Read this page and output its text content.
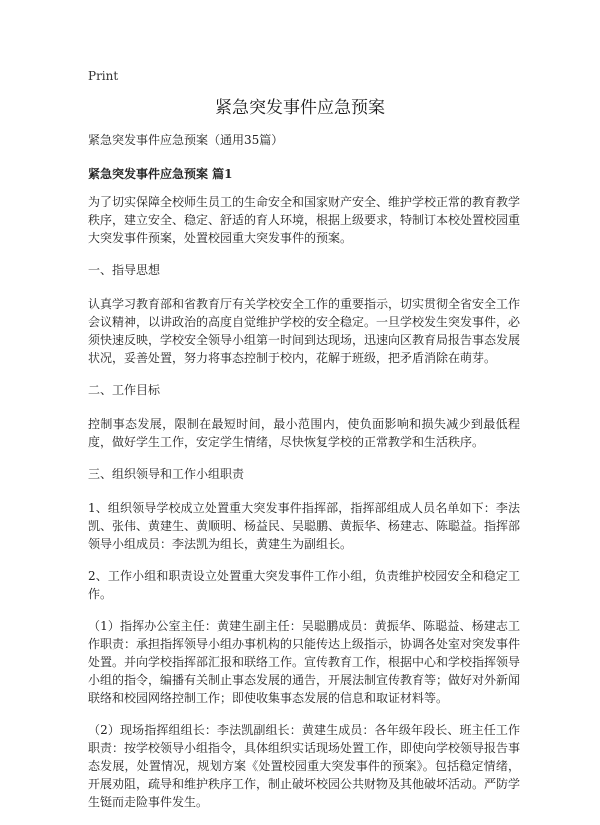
Print
紧急突发事件应急预案

紧急突发事件应急预案（通用35篇）

紧急突发事件应急预案 篇1

为了切实保障全校师生员工的生命安全和国家财产安全、维护学校正常的教育教学秩序，建立安全、稳定、舒适的育人环境，根据上级要求，特制订本校处置校园重大突发事件预案，处置校园重大突发事件的预案。

一、指导思想

认真学习教育部和省教育厅有关学校安全工作的重要指示，切实贯彻全省安全工作会议精神，以讲政治的高度自觉维护学校的安全稳定。一旦学校发生突发事件，必须快速反映，学校安全领导小组第一时间到达现场，迅速向区教育局报告事态发展状况，妥善处置，努力将事态控制于校内，花解于班级，把矛盾消除在萌芽。

二、工作目标

控制事态发展，限制在最短时间，最小范围内，使负面影响和损失减少到最低程度，做好学生工作，安定学生情绪，尽快恢复学校的正常教学和生活秩序。

三、组织领导和工作小组职责

1、组织领导学校成立处置重大突发事件指挥部，指挥部组成人员名单如下：李法凯、张伟、黄建生、黄顺明、杨益民、吴聪鹏、黄振华、杨建志、陈聪益。指挥部领导小组成员：李法凯为组长，黄建生为副组长。

2、工作小组和职责设立处置重大突发事件工作小组，负责维护校园安全和稳定工作。

（1）指挥办公室主任：黄建生副主任：吴聪鹏成员：黄振华、陈聪益、杨建志工作职责：承担指挥领导小组办事机构的只能传达上级指示，协调各处室对突发事件处置。并向学校指挥部汇报和联络工作。宣传教育工作，根据中心和学校指挥领导小组的指令，编播有关制止事态发展的通告，开展法制宣传教育等；做好对外新闻联络和校园网络控制工作；即使收集事态发展的信息和取证材料等。

（2）现场指挥组组长：李法凯副组长：黄建生成员：各年级年段长、班主任工作职责：按学校领导小组指令，具体组织实话现场处置工作，即使向学校领导报告事态发展，处置情况，规划方案《处置校园重大突发事件的预案》。包括稳定情绪，开展劝阻，疏导和维护秩序工作，制止破坏校园公共财物及其他破坏活动。严防学生铤而走险事件发生。
